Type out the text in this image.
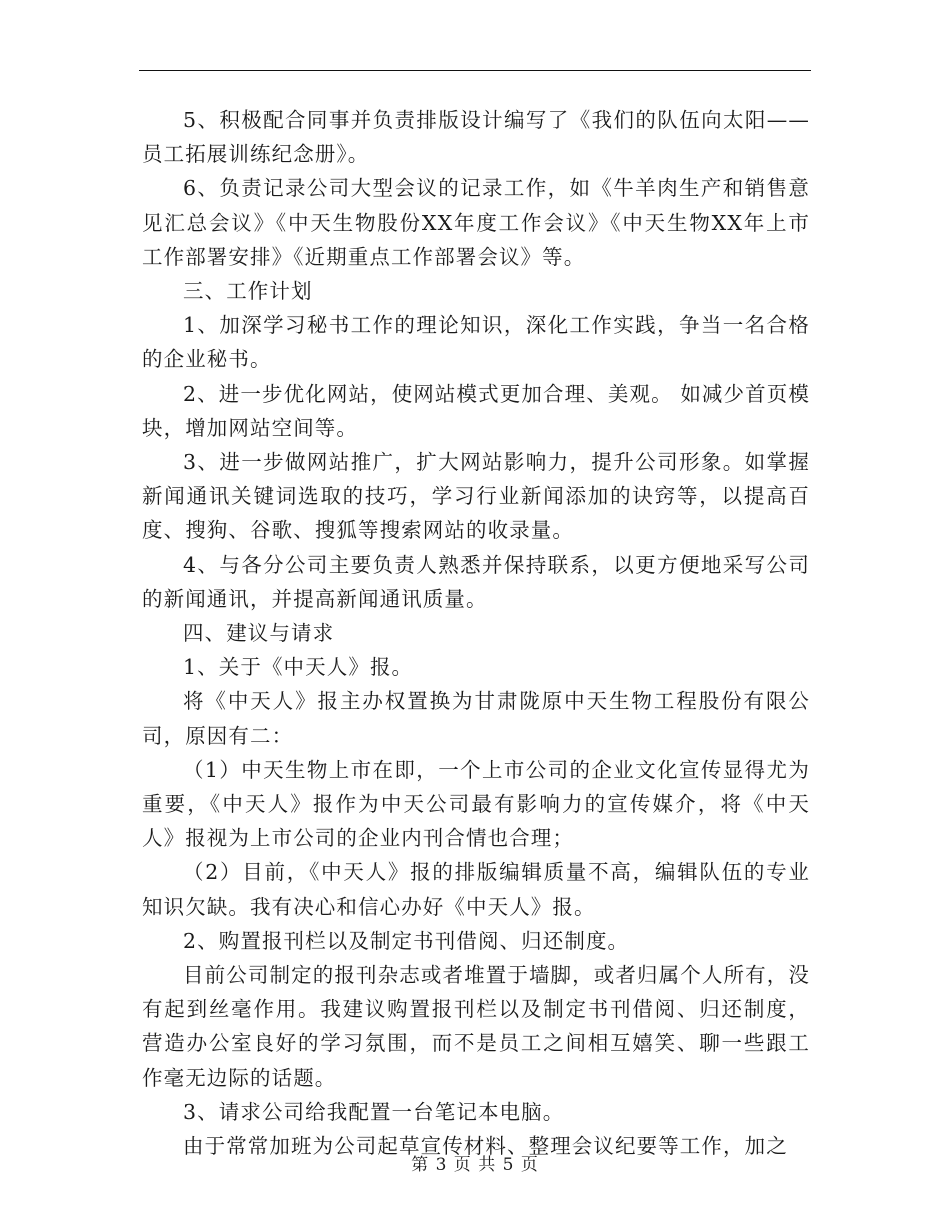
5、积极配合同事并负责排版设计编写了《我们的队伍向太阳——员工拓展训练纪念册》。

6、负责记录公司大型会议的记录工作，如《牛羊肉生产和销售意见汇总会议》《中天生物股份XX年度工作会议》《中天生物XX年上市工作部署安排》《近期重点工作部署会议》等。

三、工作计划

1、加深学习秘书工作的理论知识，深化工作实践，争当一名合格的企业秘书。

2、进一步优化网站，使网站模式更加合理、美观。 如减少首页模块，增加网站空间等。

3、进一步做网站推广，扩大网站影响力，提升公司形象。如掌握新闻通讯关键词选取的技巧，学习行业新闻添加的诀窍等，以提高百度、搜狗、谷歌、搜狐等搜索网站的收录量。

4、与各分公司主要负责人熟悉并保持联系，以更方便地采写公司的新闻通讯，并提高新闻通讯质量。

四、建议与请求

1、关于《中天人》报。

将《中天人》报主办权置换为甘肃陇原中天生物工程股份有限公司，原因有二：

（1）中天生物上市在即，一个上市公司的企业文化宣传显得尤为重要，《中天人》报作为中天公司最有影响力的宣传媒介，将《中天人》报视为上市公司的企业内刊合情也合理；

（2）目前，《中天人》报的排版编辑质量不高，编辑队伍的专业知识欠缺。我有决心和信心办好《中天人》报。

2、购置报刊栏以及制定书刊借阅、归还制度。

目前公司制定的报刊杂志或者堆置于墙脚，或者归属个人所有，没有起到丝毫作用。我建议购置报刊栏以及制定书刊借阅、归还制度，营造办公室良好的学习氛围，而不是员工之间相互嬉笑、聊一些跟工作毫无边际的话题。

3、请求公司给我配置一台笔记本电脑。

由于常常加班为公司起草宣传材料、整理会议纪要等工作，加之

第 3 页 共 5 页
